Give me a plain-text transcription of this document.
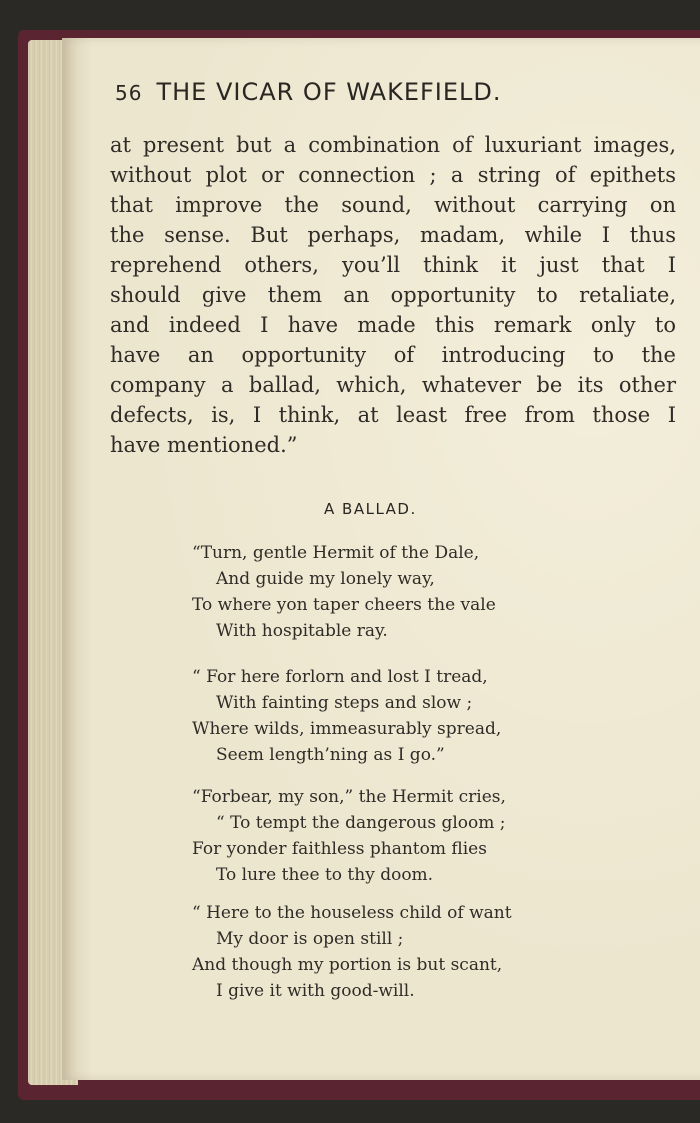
56 THE VICAR OF WAKEFIELD.
at present but a combination of luxuriant images,
without plot or connection ; a string of epithets
that improve the sound, without carrying on
the sense. But perhaps, madam, while I thus
reprehend others, you’ll think it just that I
should give them an opportunity to retaliate,
and indeed I have made this remark only to
have an opportunity of introducing to the
company a ballad, which, whatever be its other
defects, is, I think, at least free from those I
have mentioned.”
A BALLAD.
“Turn, gentle Hermit of the Dale,
And guide my lonely way,
To where yon taper cheers the vale
With hospitable ray.
“ For here forlorn and lost I tread,
With fainting steps and slow ;
Where wilds, immeasurably spread,
Seem length’ning as I go.”
“Forbear, my son,” the Hermit cries,
“ To tempt the dangerous gloom ;
For yonder faithless phantom flies
To lure thee to thy doom.
“ Here to the houseless child of want
My door is open still ;
And though my portion is but scant,
I give it with good-will.
